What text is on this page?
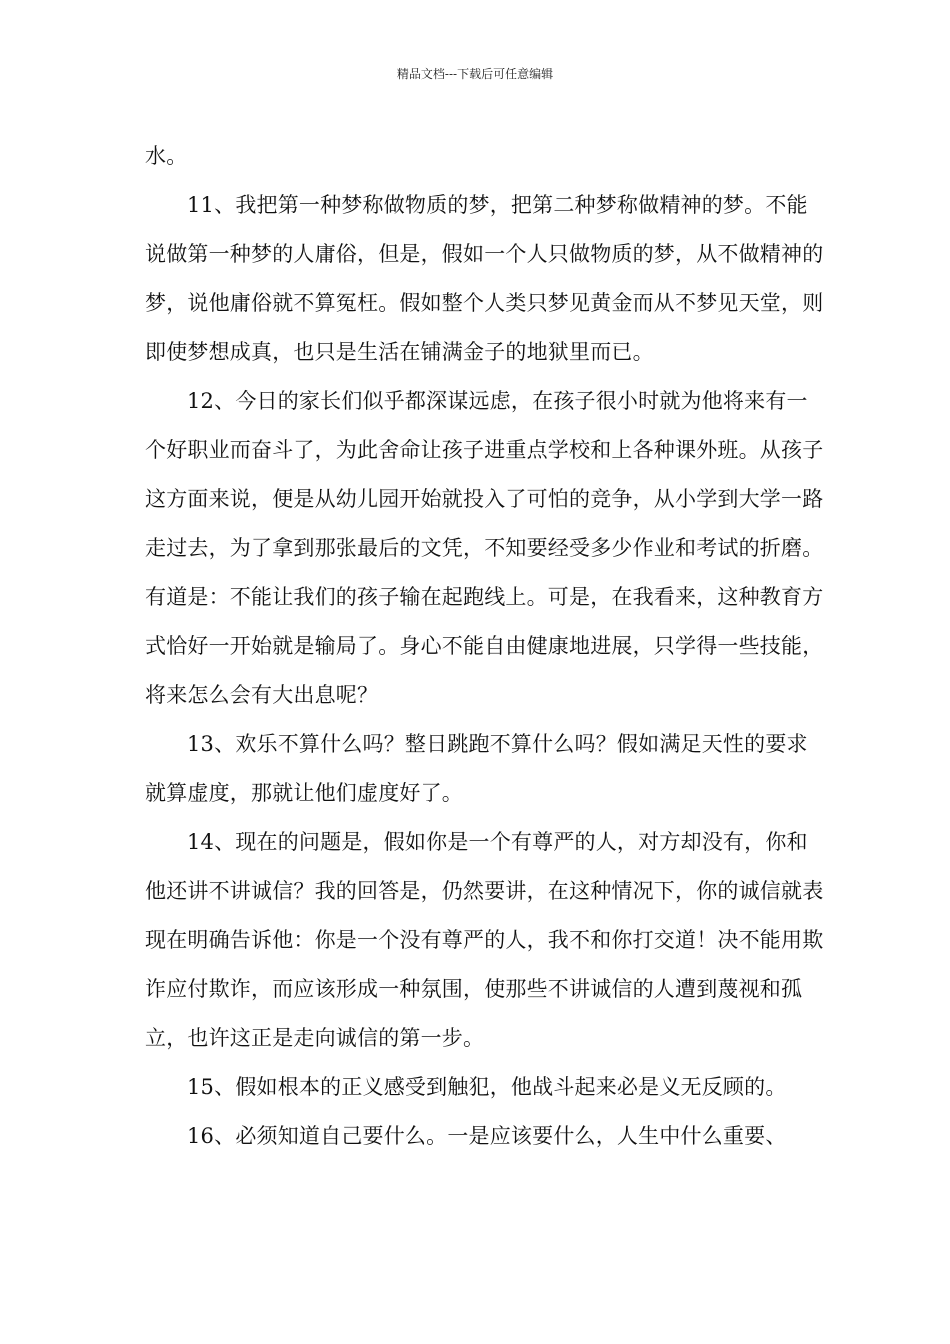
精品文档---下载后可任意编辑

水。

11、我把第一种梦称做物质的梦，把第二种梦称做精神的梦。不能说做第一种梦的人庸俗，但是，假如一个人只做物质的梦，从不做精神的梦，说他庸俗就不算冤枉。假如整个人类只梦见黄金而从不梦见天堂，则即使梦想成真，也只是生活在铺满金子的地狱里而已。

12、今日的家长们似乎都深谋远虑，在孩子很小时就为他将来有一个好职业而奋斗了，为此舍命让孩子进重点学校和上各种课外班。从孩子这方面来说，便是从幼儿园开始就投入了可怕的竞争，从小学到大学一路走过去，为了拿到那张最后的文凭，不知要经受多少作业和考试的折磨。有道是：不能让我们的孩子输在起跑线上。可是，在我看来，这种教育方式恰好一开始就是输局了。身心不能自由健康地进展，只学得一些技能，将来怎么会有大出息呢？

13、欢乐不算什么吗？整日跳跑不算什么吗？假如满足天性的要求就算虚度，那就让他们虚度好了。

14、现在的问题是，假如你是一个有尊严的人，对方却没有，你和他还讲不讲诚信？我的回答是，仍然要讲，在这种情况下，你的诚信就表现在明确告诉他：你是一个没有尊严的人，我不和你打交道！决不能用欺诈应付欺诈，而应该形成一种氛围，使那些不讲诚信的人遭到蔑视和孤立，也许这正是走向诚信的第一步。

15、假如根本的正义感受到触犯，他战斗起来必是义无反顾的。

16、必须知道自己要什么。一是应该要什么，人生中什么重要、
